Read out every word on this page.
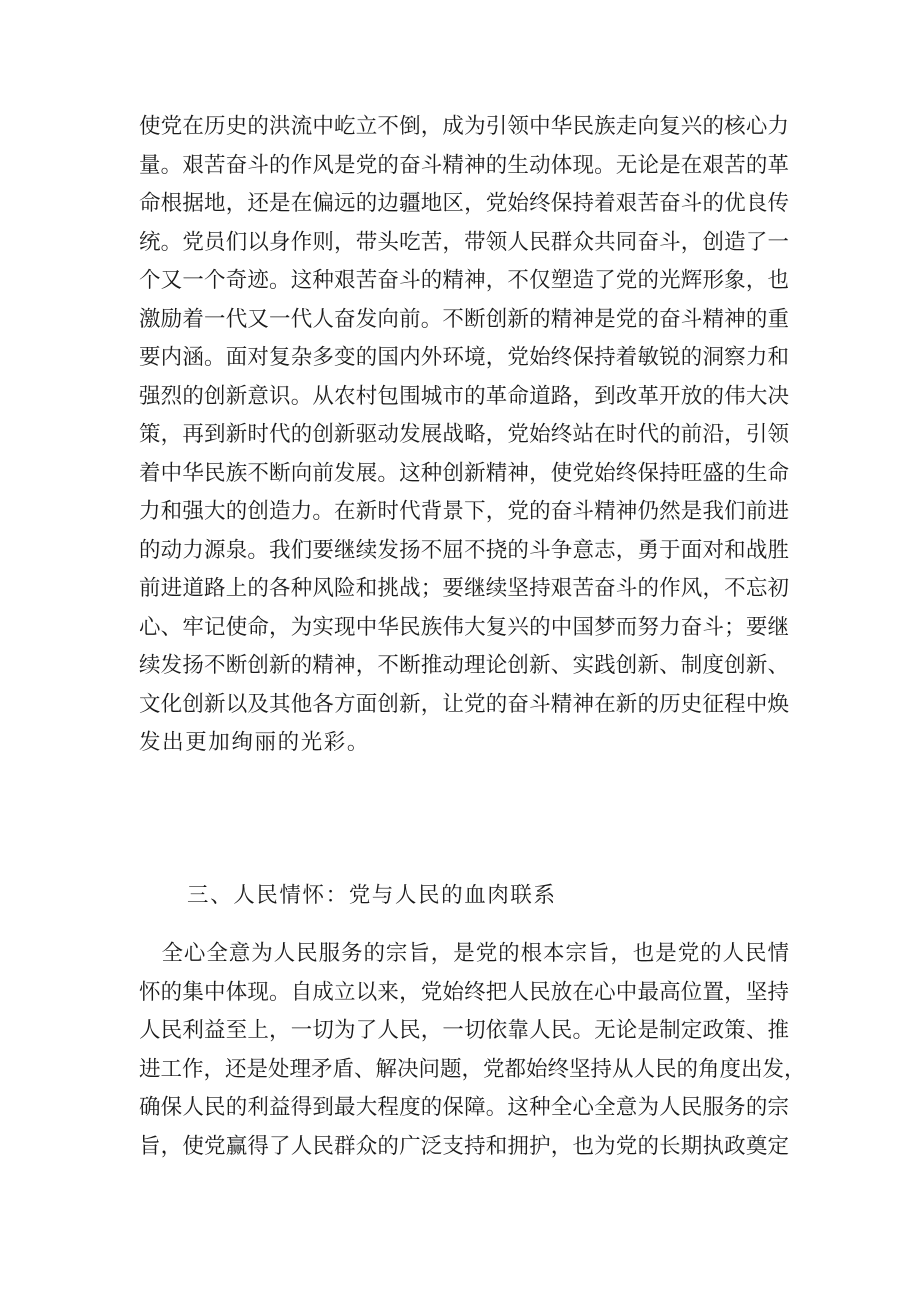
使党在历史的洪流中屹立不倒，成为引领中华民族走向复兴的核心力
量。艰苦奋斗的作风是党的奋斗精神的生动体现。无论是在艰苦的革
命根据地，还是在偏远的边疆地区，党始终保持着艰苦奋斗的优良传
统。党员们以身作则，带头吃苦，带领人民群众共同奋斗，创造了一
个又一个奇迹。这种艰苦奋斗的精神，不仅塑造了党的光辉形象，也
激励着一代又一代人奋发向前。不断创新的精神是党的奋斗精神的重
要内涵。面对复杂多变的国内外环境，党始终保持着敏锐的洞察力和
强烈的创新意识。从农村包围城市的革命道路，到改革开放的伟大决
策，再到新时代的创新驱动发展战略，党始终站在时代的前沿，引领
着中华民族不断向前发展。这种创新精神，使党始终保持旺盛的生命
力和强大的创造力。在新时代背景下，党的奋斗精神仍然是我们前进
的动力源泉。我们要继续发扬不屈不挠的斗争意志，勇于面对和战胜
前进道路上的各种风险和挑战；要继续坚持艰苦奋斗的作风，不忘初
心、牢记使命，为实现中华民族伟大复兴的中国梦而努力奋斗；要继
续发扬不断创新的精神，不断推动理论创新、实践创新、制度创新、
文化创新以及其他各方面创新，让党的奋斗精神在新的历史征程中焕
发出更加绚丽的光彩。
三、人民情怀：党与人民的血肉联系
　全心全意为人民服务的宗旨，是党的根本宗旨，也是党的人民情
怀的集中体现。自成立以来，党始终把人民放在心中最高位置，坚持
人民利益至上，一切为了人民，一切依靠人民。无论是制定政策、推
进工作，还是处理矛盾、解决问题，党都始终坚持从人民的角度出发，
确保人民的利益得到最大程度的保障。这种全心全意为人民服务的宗
旨，使党赢得了人民群众的广泛支持和拥护，也为党的长期执政奠定
